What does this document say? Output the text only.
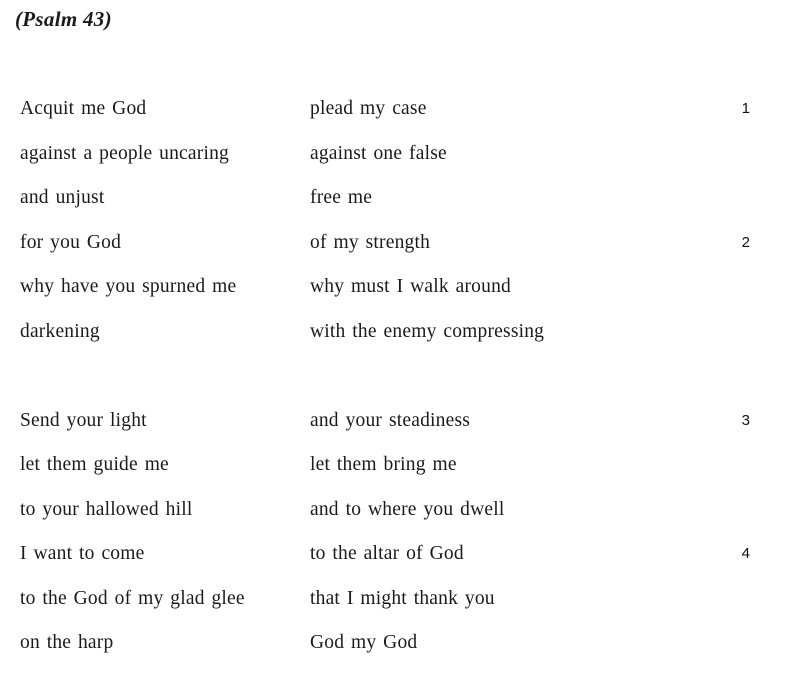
(Psalm 43)
Acquit me God	plead my case	1
against a people uncaring	against one false
and unjust	free me
for you God	of my strength	2
why have you spurned me	why must I walk around
darkening	with the enemy compressing
Send your light	and your steadiness	3
let them guide me	let them bring me
to your hallowed hill	and to where you dwell
I want to come	to the altar of God	4
to the God of my glad glee	that I might thank you
on the harp	God my God
